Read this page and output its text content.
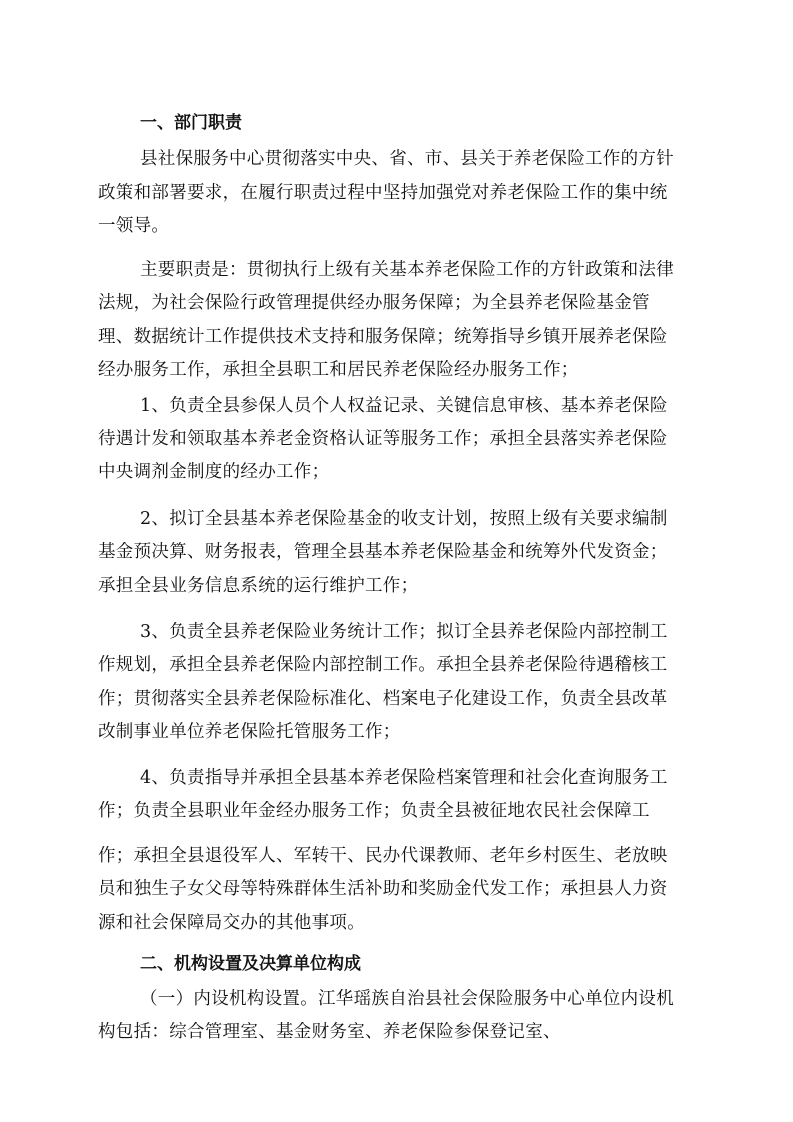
一、部门职责

县社保服务中心贯彻落实中央、省、市、县关于养老保险工作的方针

政策和部署要求，在履行职责过程中坚持加强党对养老保险工作的集中统

一领导。

主要职责是：贯彻执行上级有关基本养老保险工作的方针政策和法律

法规，为社会保险行政管理提供经办服务保障；为全县养老保险基金管

理、数据统计工作提供技术支持和服务保障；统筹指导乡镇开展养老保险

经办服务工作，承担全县职工和居民养老保险经办服务工作；

1、负责全县参保人员个人权益记录、关键信息审核、基本养老保险

待遇计发和领取基本养老金资格认证等服务工作；承担全县落实养老保险

中央调剂金制度的经办工作；

2、拟订全县基本养老保险基金的收支计划，按照上级有关要求编制

基金预决算、财务报表，管理全县基本养老保险基金和统筹外代发资金；

承担全县业务信息系统的运行维护工作；

3、负责全县养老保险业务统计工作；拟订全县养老保险内部控制工

作规划，承担全县养老保险内部控制工作。承担全县养老保险待遇稽核工

作；贯彻落实全县养老保险标准化、档案电子化建设工作，负责全县改革

改制事业单位养老保险托管服务工作；

4、负责指导并承担全县基本养老保险档案管理和社会化查询服务工

作；负责全县职业年金经办服务工作；负责全县被征地农民社会保障工

作；承担全县退役军人、军转干、民办代课教师、老年乡村医生、老放映

员和独生子女父母等特殊群体生活补助和奖励金代发工作；承担县人力资

源和社会保障局交办的其他事项。

二、机构设置及决算单位构成

（一）内设机构设置。江华瑶族自治县社会保险服务中心单位内设机

构包括：综合管理室、基金财务室、养老保险参保登记室、
